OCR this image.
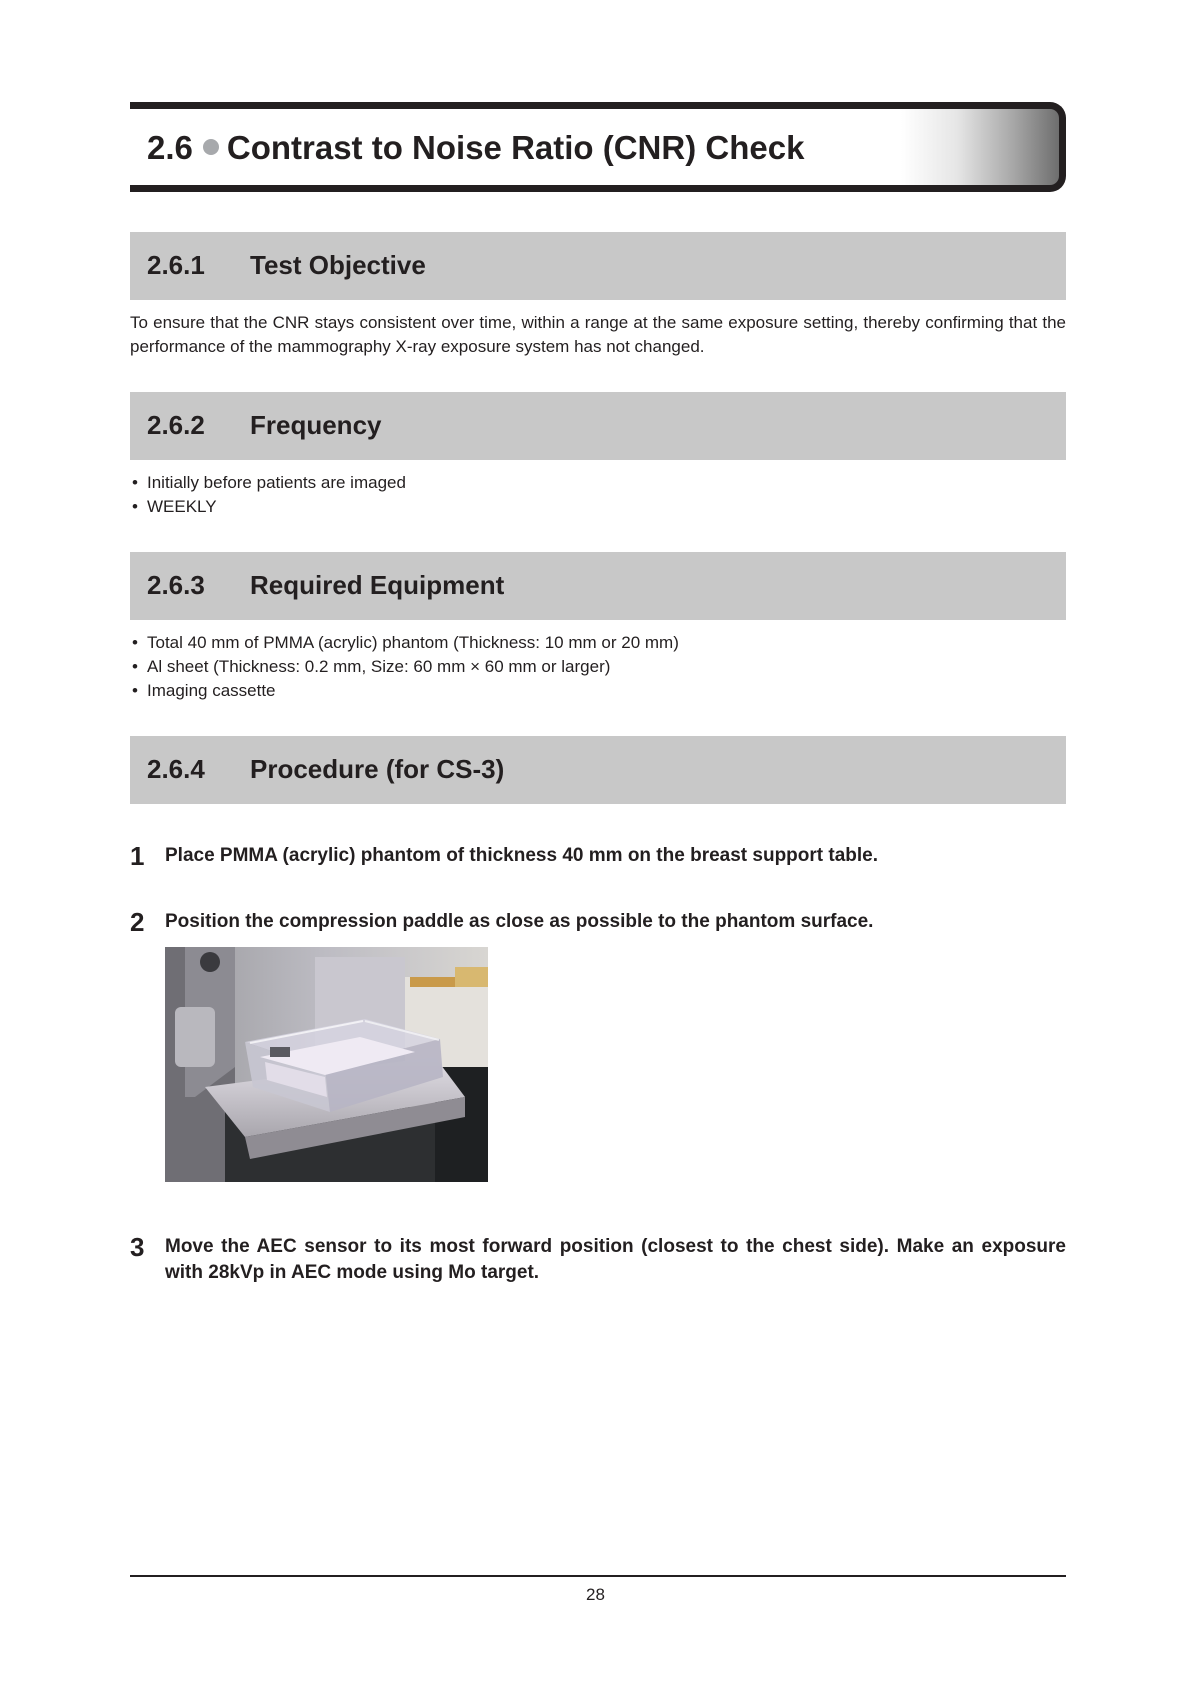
2.6 Contrast to Noise Ratio (CNR) Check
2.6.1 Test Objective

To ensure that the CNR stays consistent over time, within a range at the same exposure setting, thereby confirming that the performance of the mammography X-ray exposure system has not changed.

2.6.2 Frequency
• Initially before patients are imaged
• WEEKLY
2.6.3 Required Equipment
• Total 40 mm of PMMA (acrylic) phantom (Thickness: 10 mm or 20 mm)
• Al sheet (Thickness: 0.2 mm, Size: 60 mm × 60 mm or larger)
• Imaging cassette
2.6.4 Procedure (for CS-3)
1 Place PMMA (acrylic) phantom of thickness 40 mm on the breast support table.
2 Position the compression paddle as close as possible to the phantom surface.
3 Move the AEC sensor to its most forward position (closest to the chest side). Make an exposure with 28kVp in AEC mode using Mo target.
28
